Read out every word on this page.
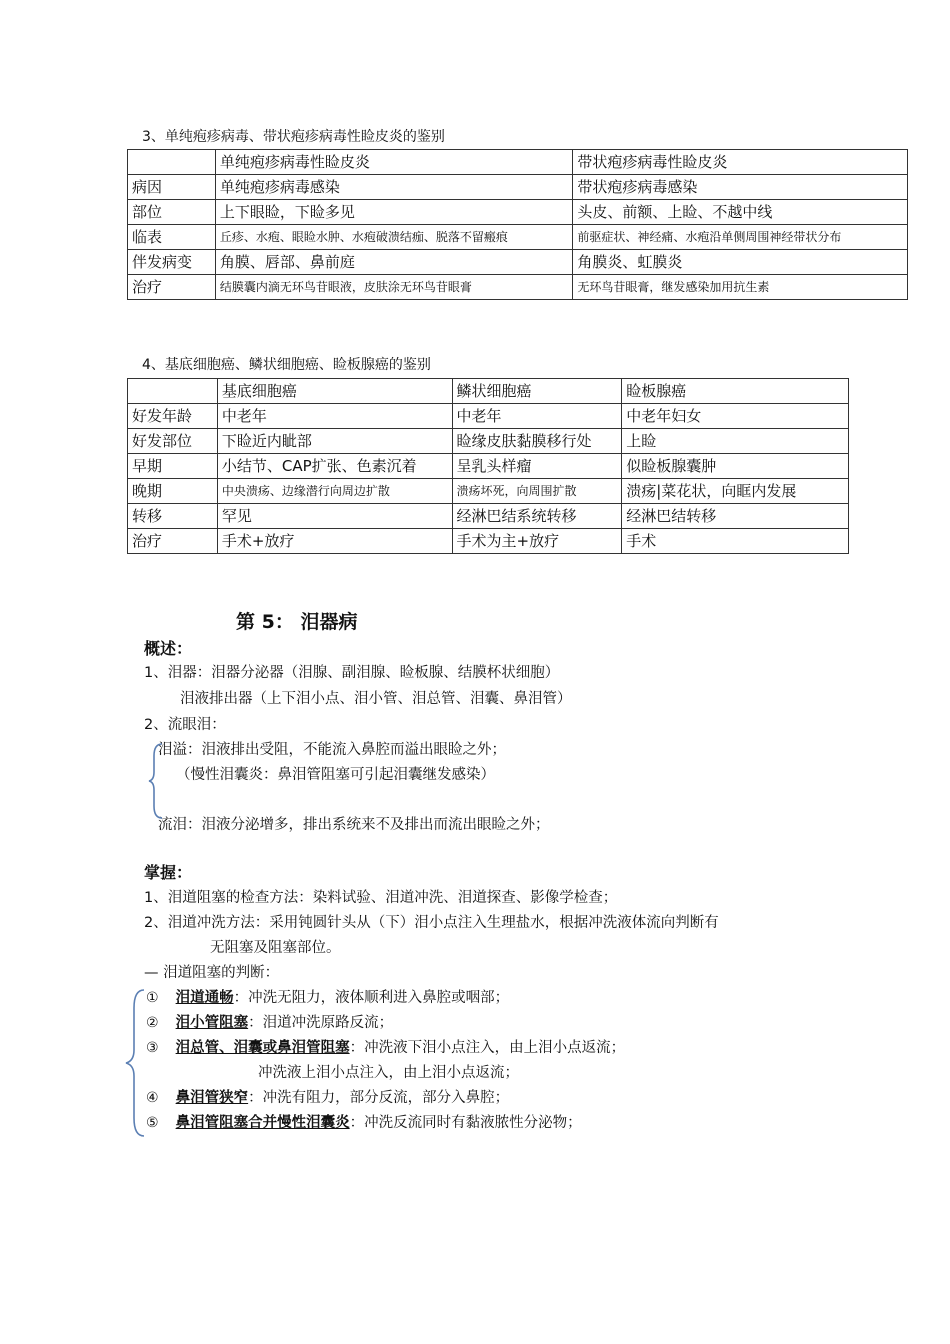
3、单纯疱疹病毒、带状疱疹病毒性睑皮炎的鉴别
	单纯疱疹病毒性睑皮炎	带状疱疹病毒性睑皮炎
病因	单纯疱疹病毒感染	带状疱疹病毒感染
部位	上下眼睑，下睑多见	头皮、前额、上睑、不越中线
临表	丘疹、水疱、眼睑水肿、水疱破溃结痂、脱落不留瘢痕	前驱症状、神经痛、水疱沿单侧周围神经带状分布
伴发病变	角膜、唇部、鼻前庭	角膜炎、虹膜炎
治疗	结膜囊内滴无环鸟苷眼液，皮肤涂无环鸟苷眼膏	无环鸟苷眼膏，继发感染加用抗生素
4、基底细胞癌、鳞状细胞癌、睑板腺癌的鉴别
	基底细胞癌	鳞状细胞癌	睑板腺癌
好发年龄	中老年	中老年	中老年妇女
好发部位	下睑近内眦部	睑缘皮肤黏膜移行处	上睑
早期	小结节、CAP扩张、色素沉着	呈乳头样瘤	似睑板腺囊肿
晚期	中央溃疡、边缘潜行向周边扩散	溃疡坏死，向周围扩散	溃疡|菜花状，向眶内发展
转移	罕见	经淋巴结系统转移	经淋巴结转移
治疗	手术+放疗	手术为主+放疗	手术
第 5： 泪器病
概述：
1、泪器：泪器分泌器（泪腺、副泪腺、睑板腺、结膜杯状细胞）
泪液排出器（上下泪小点、泪小管、泪总管、泪囊、鼻泪管）
2、流眼泪：
泪溢：泪液排出受阻，不能流入鼻腔而溢出眼睑之外；
（慢性泪囊炎：鼻泪管阻塞可引起泪囊继发感染）
流泪：泪液分泌增多，排出系统来不及排出而流出眼睑之外；
掌握：
1、泪道阻塞的检查方法：染料试验、泪道冲洗、泪道探查、影像学检查；
2、泪道冲洗方法：采用钝圆针头从（下）泪小点注入生理盐水，根据冲洗液体流向判断有
无阻塞及阻塞部位。
— 泪道阻塞的判断：
① 泪道通畅：冲洗无阻力，液体顺利进入鼻腔或咽部；
② 泪小管阻塞：泪道冲洗原路反流；
③ 泪总管、泪囊或鼻泪管阻塞：冲洗液下泪小点注入，由上泪小点返流；
冲洗液上泪小点注入，由上泪小点返流；
④ 鼻泪管狭窄：冲洗有阻力，部分反流，部分入鼻腔；
⑤ 鼻泪管阻塞合并慢性泪囊炎：冲洗反流同时有黏液脓性分泌物；
